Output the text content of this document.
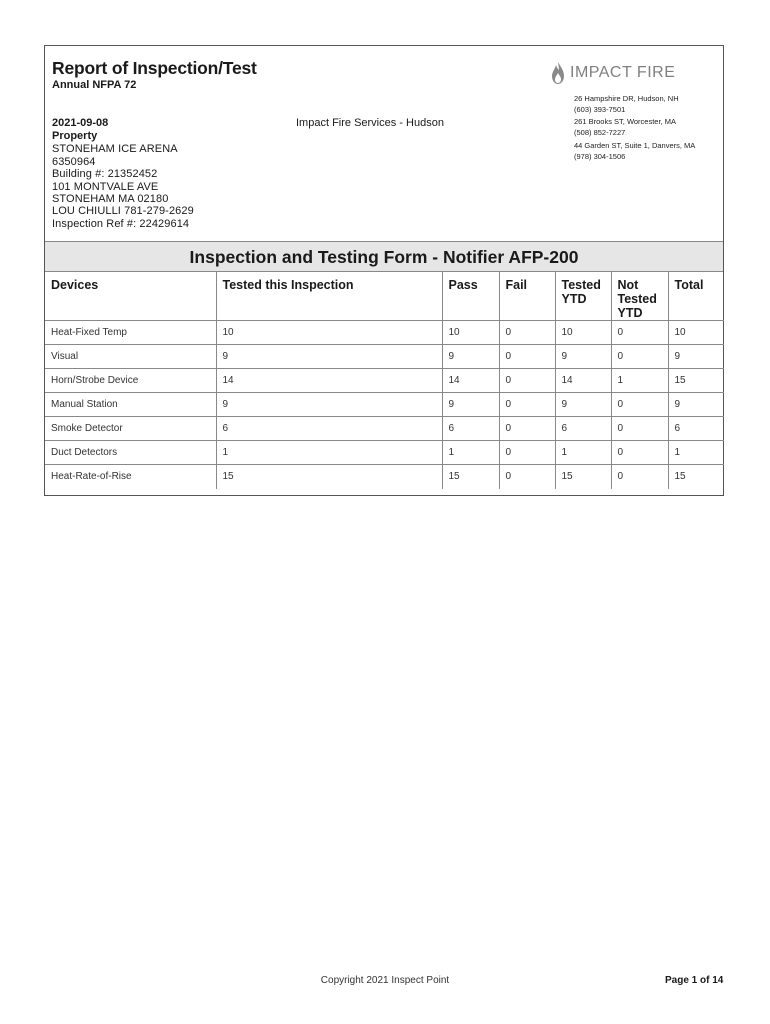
Report of Inspection/Test
Annual NFPA 72
2021-09-08
Property
STONEHAM ICE ARENA
6350964
Building #: 21352452
101 MONTVALE AVE
STONEHAM MA 02180
LOU CHIULLI 781-279-2629
Inspection Ref #: 22429614
Impact Fire Services - Hudson
IMPACT FIRE
26 Hampshire DR, Hudson, NH
(603) 393-7501
261 Brooks ST, Worcester, MA
(508) 852-7227
44 Garden ST, Suite 1, Danvers, MA
(978) 304-1506
Inspection and Testing Form - Notifier AFP-200
Devices	Tested this Inspection	Pass	Fail	Tested YTD	Not Tested YTD	Total
Heat-Fixed Temp	10	10	0	10	0	10
Visual	9	9	0	9	0	9
Horn/Strobe Device	14	14	0	14	1	15
Manual Station	9	9	0	9	0	9
Smoke Detector	6	6	0	6	0	6
Duct Detectors	1	1	0	1	0	1
Heat-Rate-of-Rise	15	15	0	15	0	15
Copyright 2021 Inspect Point	Page 1 of 14
